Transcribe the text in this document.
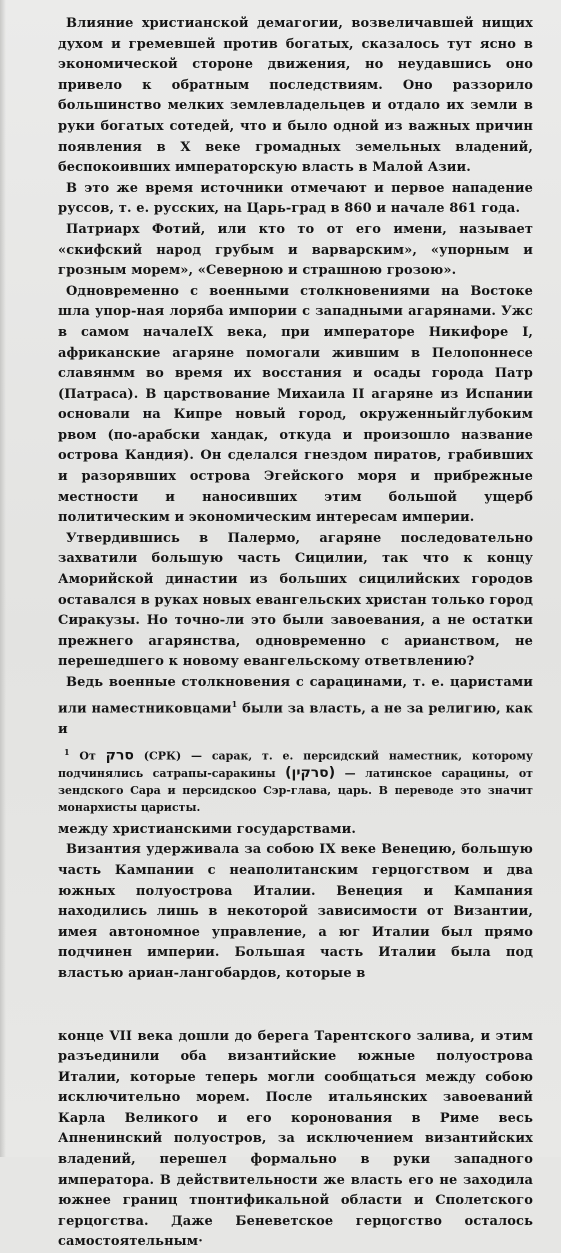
Влияние христианской демагогии, возвеличавшей нищих духом и гремевшей против богатых, сказалось тут ясно в экономической стороне движения, но неудавшись оно привело к обратным последствиям. Оно раззорило большинство мелких землевладельцев и отдало их земли в руки богатых сотедей, что и было одной из важных причин появления в X веке громадных земельных владений, беспокоивших императорскую власть в Малой Азии.

В это же время источники отмечают и первое нападение руссов, т. е. русских, на Царь-град в 860 и начале 861 года.

Патриарх Фотий, или кто то от его имени, называет «скифский народ грубым и варварским», «упорным и грозным морем», «Северною и страшною грозою».

Одновременно с военными столкновениями на Востоке шла упор-ная лоряба импории с западными агарянами. Ужс в самом началеIX века, при императоре Никифоре I, африканские агаряне помогали жившим в Пелопоннесе славянмм во время их восстания и осады города Патр (Патраса). В царствование Михаила II агаряне из Испании основали на Кипре новый город, окруженныйглубоким рвом (по-арабски хандак, откуда и произошло название острова Кандия). Он сделался гнездом пиратов, грабивших и разорявших острова Эгейского моря и прибрежные местности и наносивших этим большой ущерб политическим и экономическим интересам империи.

Утвердившись в Палермо, агаряне последовательно захватили большую часть Сицилии, так что к концу Аморийской династии из больших сицилийских городов оставался в руках новых евангельских христан только город Сиракузы. Но точно-ли это были завоевания, а не остатки прежнего агарянства, одновременно с арианством, не перешедшего к новому евангельскому ответвлению?

Ведь военные столкновения с сарацинами, т. е. царистами или наместниковцами$^1$ были за власть, а не за религию, как и

$^1$ От סרק (СРК) — сарак, т. е. персидский наместник, которому подчинялись сатрапы-саракины (סרקין) — латинское сарацины, от зендского Сара и персидскоо Сэр-глава, царь. В переводе это значит монархисты царисты.

между христианскими государствами.

Византия удерживала за собою IX веке Венецию, большую часть Кампании с неаполитанским герцогством и два южных полуострова Италии. Венеция и Кампания находились лишь в некоторой зависимости от Византии, имея автономное управление, а юг Италии был прямо подчинен империи. Большая часть Италии была под властью ариан-лангобардов, которые в

конце VII века дошли до берега Тарентского залива, и этим разъединили оба византийские южные полуострова Италии, которые теперь могли сообщаться между собою исключительно морем. После итальянских завоеваний Карла Великого и его коронования в Риме весь Апненинский полуостров, за исключением византийских владений, перешел формально в руки западного императора. В действительности же власть его не заходила южнее границ тпонтификальной области и Сполетского герцогства. Даже Беневетское герцогство осталось самостоятельным·
